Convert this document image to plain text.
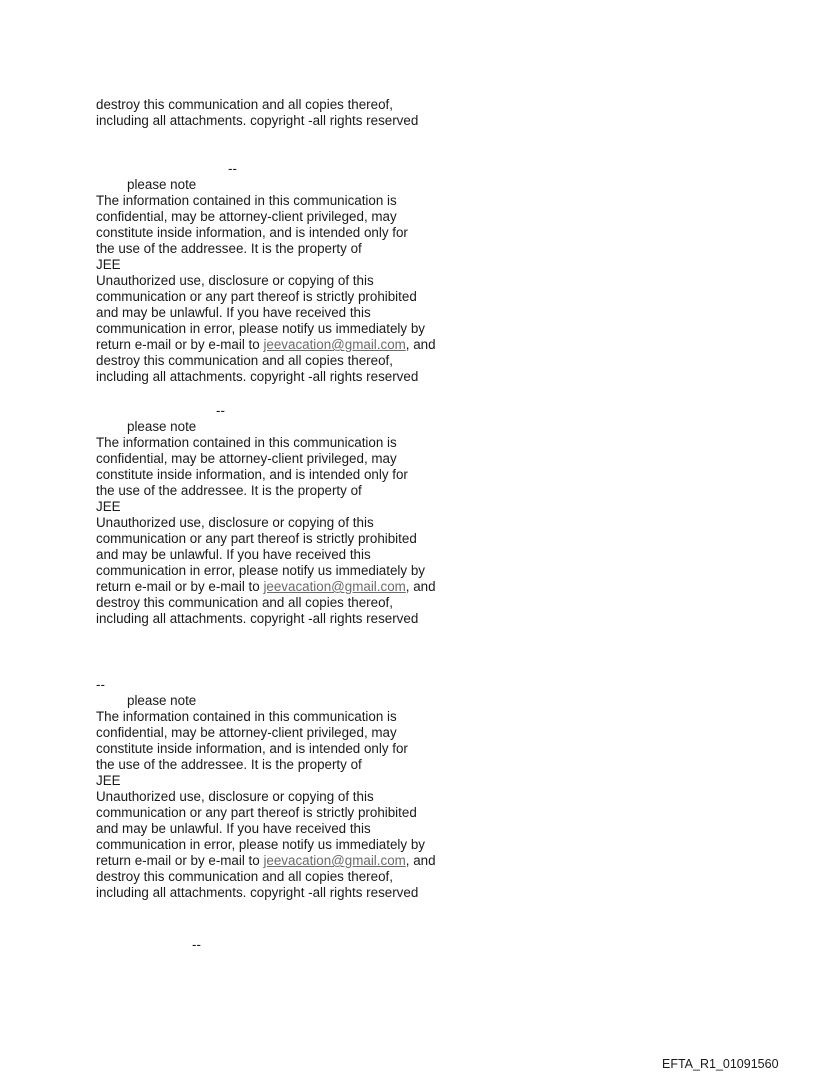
destroy this communication and all copies thereof,
including all attachments. copyright -all rights reserved
--
please note
The information contained in this communication is
confidential, may be attorney-client privileged, may
constitute inside information, and is intended only for
the use of the addressee. It is the property of
JEE
Unauthorized use, disclosure or copying of this
communication or any part thereof is strictly prohibited
and may be unlawful. If you have received this
communication in error, please notify us immediately by
return e-mail or by e-mail to jeevacation@gmail.com, and
destroy this communication and all copies thereof,
including all attachments. copyright -all rights reserved
--
please note
The information contained in this communication is
confidential, may be attorney-client privileged, may
constitute inside information, and is intended only for
the use of the addressee. It is the property of
JEE
Unauthorized use, disclosure or copying of this
communication or any part thereof is strictly prohibited
and may be unlawful. If you have received this
communication in error, please notify us immediately by
return e-mail or by e-mail to jeevacation@gmail.com, and
destroy this communication and all copies thereof,
including all attachments. copyright -all rights reserved
--
please note
The information contained in this communication is
confidential, may be attorney-client privileged, may
constitute inside information, and is intended only for
the use of the addressee. It is the property of
JEE
Unauthorized use, disclosure or copying of this
communication or any part thereof is strictly prohibited
and may be unlawful. If you have received this
communication in error, please notify us immediately by
return e-mail or by e-mail to jeevacation@gmail.com, and
destroy this communication and all copies thereof,
including all attachments. copyright -all rights reserved
--
EFTA_R1_01091560
